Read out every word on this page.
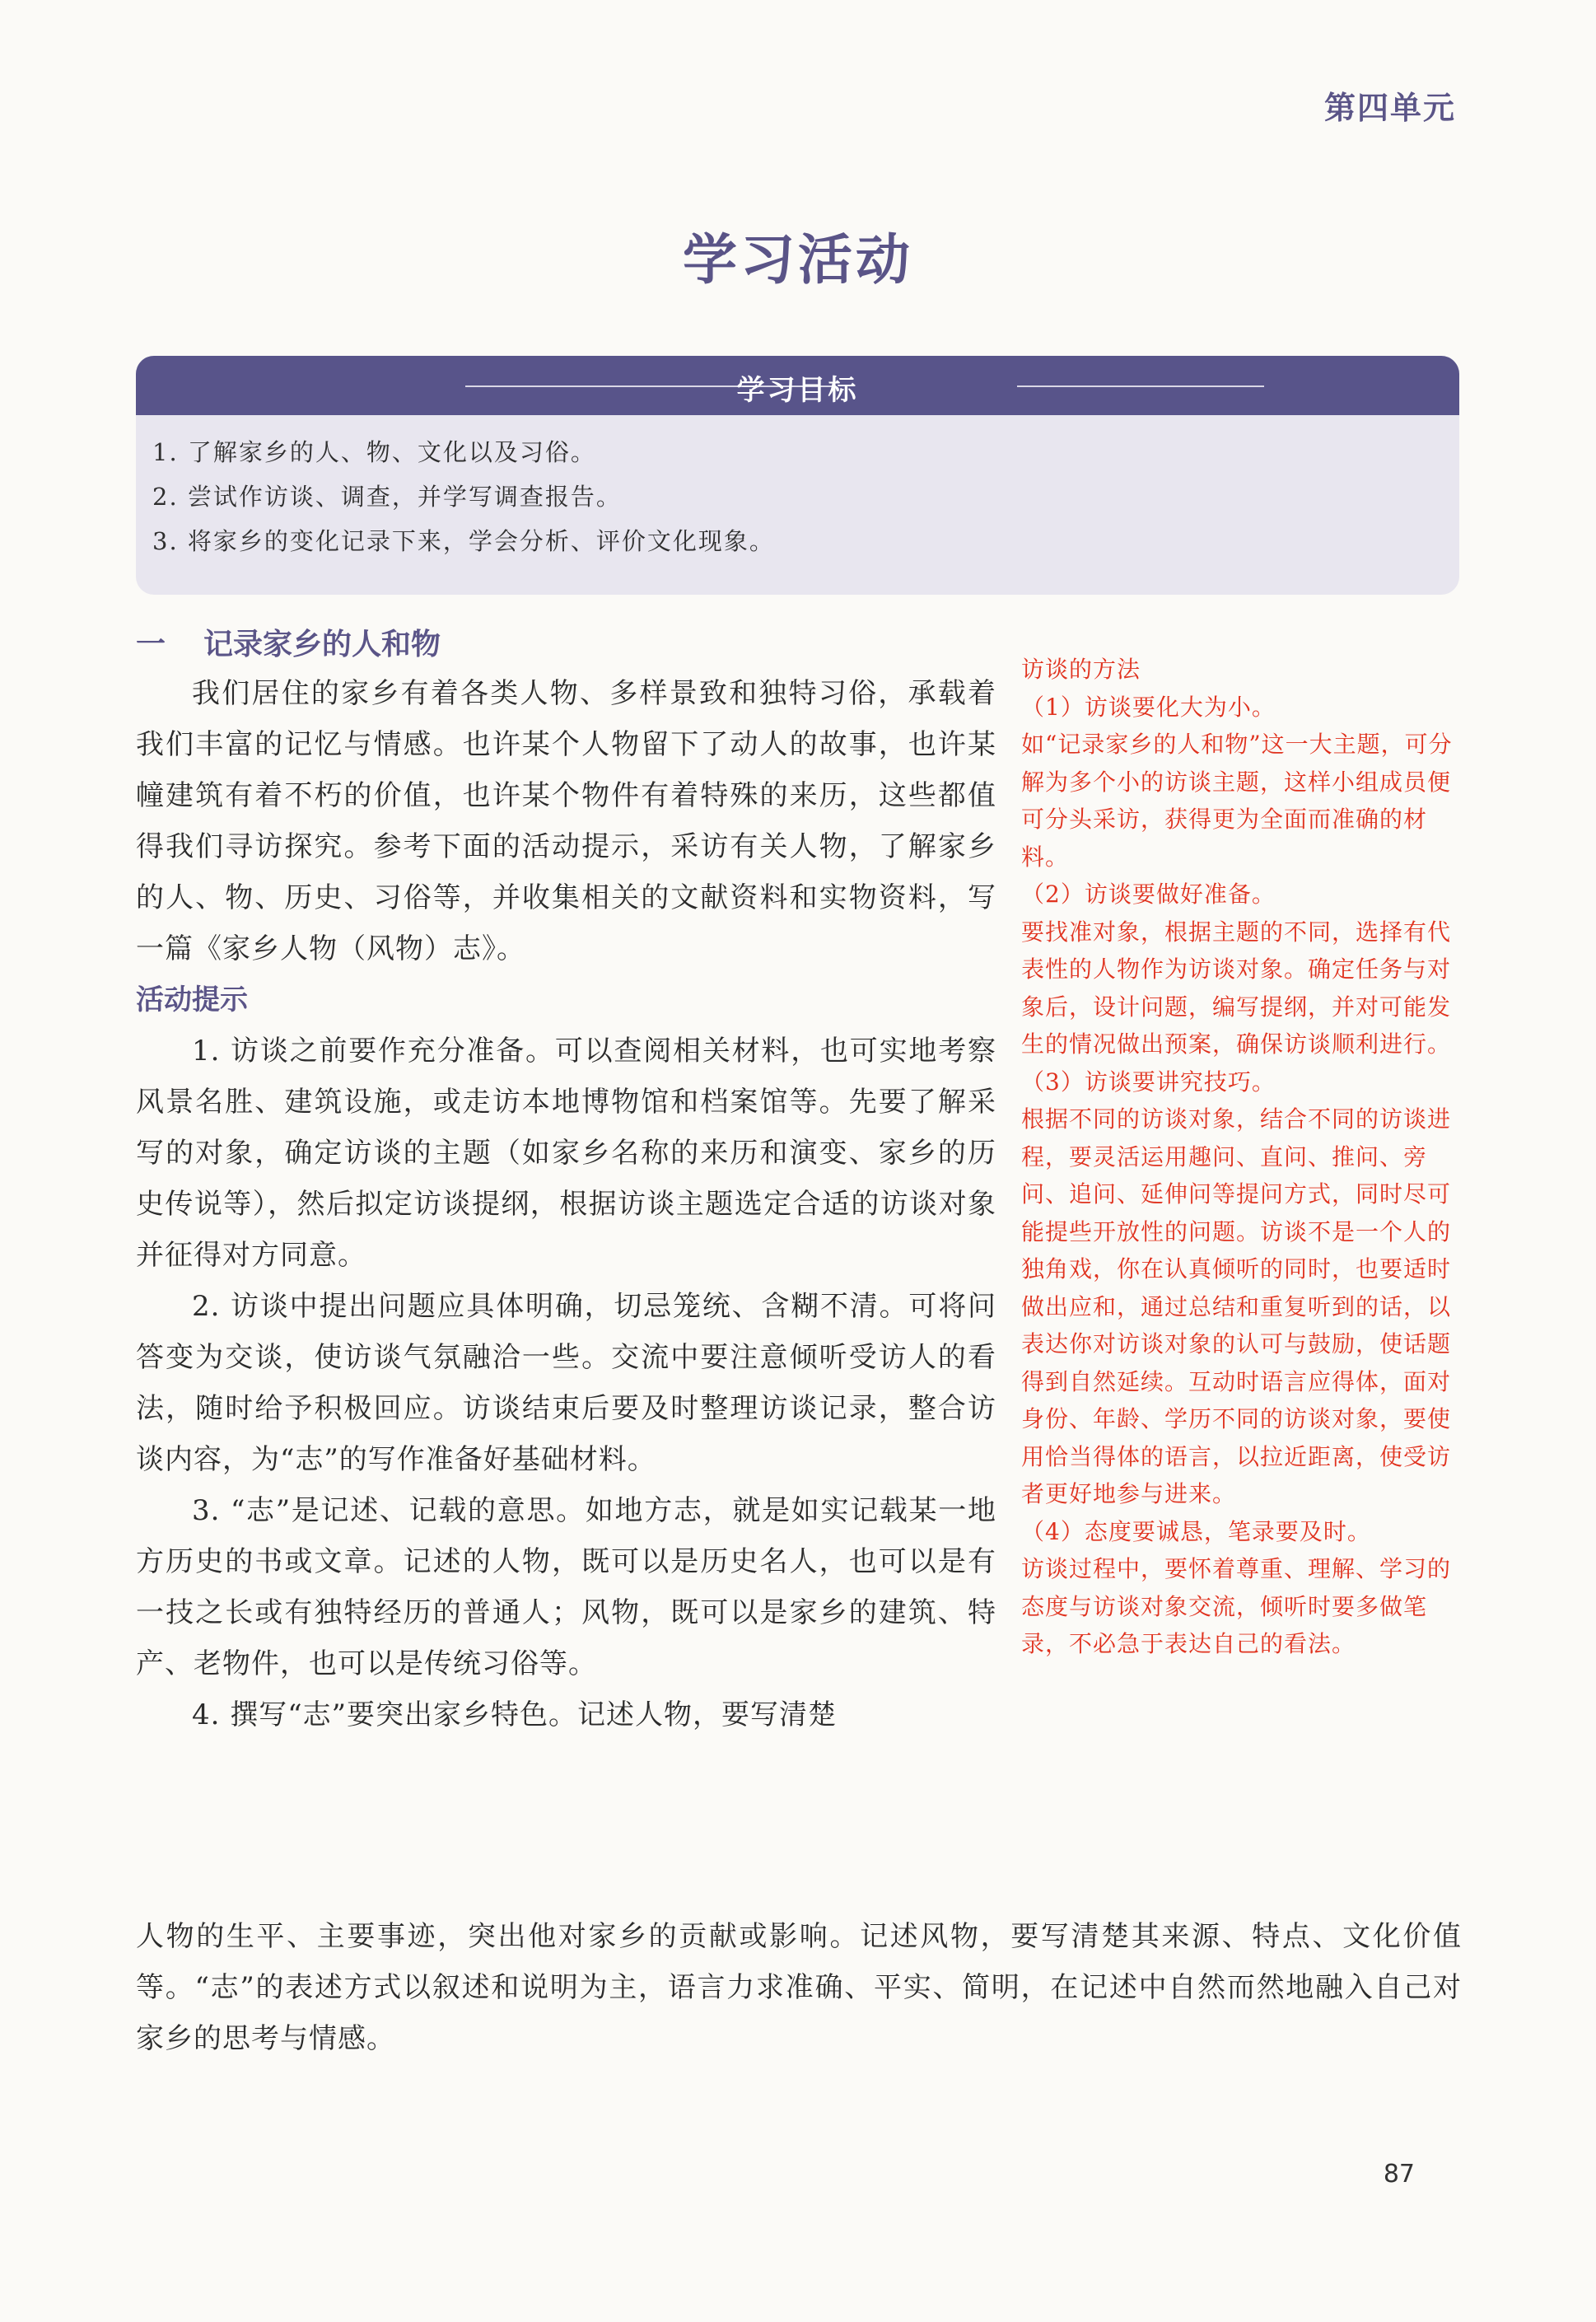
第四单元
学习活动
学习目标
1. 了解家乡的人、物、文化以及习俗。
2. 尝试作访谈、调查，并学写调查报告。
3. 将家乡的变化记录下来，学会分析、评价文化现象。
一 记录家乡的人和物

我们居住的家乡有着各类人物、多样景致和独特习俗，承载着我们丰富的记忆与情感。也许某个人物留下了动人的故事，也许某幢建筑有着不朽的价值，也许某个物件有着特殊的来历，这些都值得我们寻访探究。参考下面的活动提示，采访有关人物，了解家乡的人、物、历史、习俗等，并收集相关的文献资料和实物资料，写一篇《家乡人物（风物）志》。

活动提示

1. 访谈之前要作充分准备。可以查阅相关材料，也可实地考察风景名胜、建筑设施，或走访本地博物馆和档案馆等。先要了解采写的对象，确定访谈的主题（如家乡名称的来历和演变、家乡的历史传说等），然后拟定访谈提纲，根据访谈主题选定合适的访谈对象并征得对方同意。

2. 访谈中提出问题应具体明确，切忌笼统、含糊不清。可将问答变为交谈，使访谈气氛融洽一些。交流中要注意倾听受访人的看法，随时给予积极回应。访谈结束后要及时整理访谈记录，整合访谈内容，为“志”的写作准备好基础材料。

3. “志”是记述、记载的意思。如地方志，就是如实记载某一地方历史的书或文章。记述的人物，既可以是历史名人，也可以是有一技之长或有独特经历的普通人；风物，既可以是家乡的建筑、特产、老物件，也可以是传统习俗等。

4. 撰写“志”要突出家乡特色。记述人物，要写清楚

人物的生平、主要事迹，突出他对家乡的贡献或影响。记述风物，要写清楚其来源、特点、文化价值等。“志”的表述方式以叙述和说明为主，语言力求准确、平实、简明，在记述中自然而然地融入自己对家乡的思考与情感。

访谈的方法

（1）访谈要化大为小。

如“记录家乡的人和物”这一大主题，可分解为多个小的访谈主题，这样小组成员便可分头采访，获得更为全面而准确的材料。

（2）访谈要做好准备。

要找准对象，根据主题的不同，选择有代表性的人物作为访谈对象。确定任务与对象后，设计问题，编写提纲，并对可能发生的情况做出预案，确保访谈顺利进行。

（3）访谈要讲究技巧。

根据不同的访谈对象，结合不同的访谈进程，要灵活运用趣问、直问、推问、旁问、追问、延伸问等提问方式，同时尽可能提些开放性的问题。访谈不是一个人的独角戏，你在认真倾听的同时，也要适时做出应和，通过总结和重复听到的话，以表达你对访谈对象的认可与鼓励，使话题得到自然延续。互动时语言应得体，面对身份、年龄、学历不同的访谈对象，要使用恰当得体的语言，以拉近距离，使受访者更好地参与进来。

（4）态度要诚恳，笔录要及时。

访谈过程中，要怀着尊重、理解、学习的态度与访谈对象交流，倾听时要多做笔录，不必急于表达自己的看法。

87
